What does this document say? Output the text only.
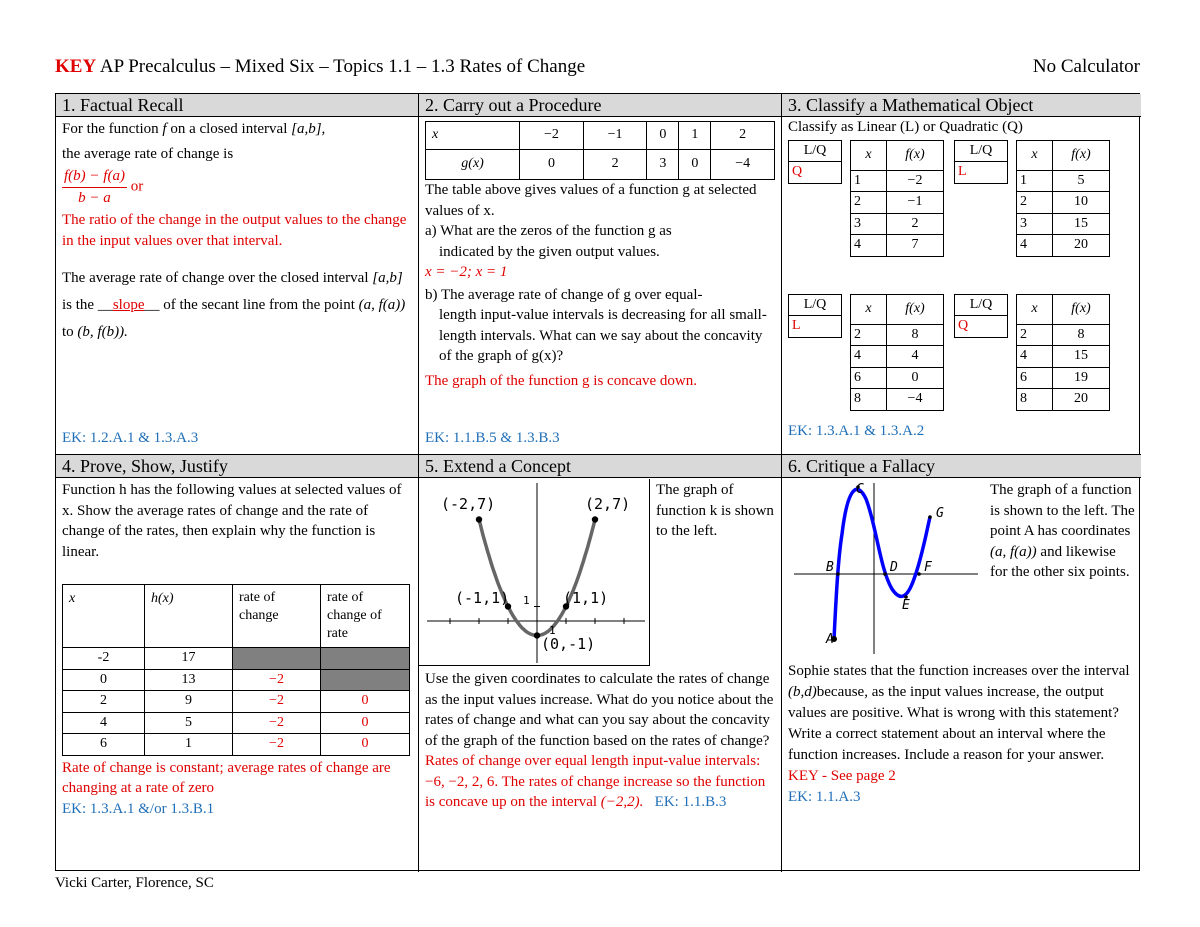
KEY AP Precalculus – Mixed Six – Topics 1.1 – 1.3 Rates of Change	No Calculator
1. Factual Recall
For the function f on a closed interval [a,b],
the average rate of change is
$\frac{f(b) - f(a)}{b - a}$ or
The ratio of the change in the output values to the change in the input values over that interval.
The average rate of change over the closed interval [a,b] is the __slope__ of the secant line from the point (a, f(a)) to (b, f(b)).
EK: 1.2.A.1 & 1.3.A.3
2. Carry out a Procedure
x	−2	−1	0	1	2
g(x)	0	2	3	0	−4
The table above gives values of a function g at selected values of x.
a) What are the zeros of the function g as
indicated by the given output values.
x = −2; x = 1
b) The average rate of change of g over equal-
length input-value intervals is decreasing for all small-length intervals. What can we say about the concavity of the graph of g(x)?
The graph of the function g is concave down.
EK: 1.1.B.5 & 1.3.B.3
3. Classify a Mathematical Object
Classify as Linear (L) or Quadratic (Q)
L/Q
Q
x	f(x)
1	−2
2	−1
3	2
4	7
L/Q
L
x	f(x)
1	5
2	10
3	15
4	20
L/Q
L
x	f(x)
2	8
4	4
6	0
8	−4
L/Q
Q
x	f(x)
2	8
4	15
6	19
8	20
EK: 1.3.A.1 & 1.3.A.2
4. Prove, Show, Justify
Function h has the following values at selected values of x. Show the average rates of change and the rate of change of the rates, then explain why the function is linear.
x	h(x)	rate of change	rate of change of rate
-2	17		
0	13	−2	
2	9	−2	0
4	5	−2	0
6	1	−2	0
Rate of change is constant; average rates of change are changing at a rate of zero
EK: 1.3.A.1 &/or 1.3.B.1
5. Extend a Concept
(-2,7)	(2,7)
(-1,1)	(1,1)
(0,-1)
1
1
The graph of function k is shown to the left.
Use the given coordinates to calculate the rates of change as the input values increase. What do you notice about the rates of change and what can you say about the concavity of the graph of the function based on the rates of change?
Rates of change over equal length input-value intervals: −6, −2, 2, 6. The rates of change increase so the function is concave up on the interval (−2,2). EK: 1.1.B.3
6. Critique a Fallacy
A
B
C
D
E
F
G
The graph of a function is shown to the left. The point A has coordinates (a, f(a)) and likewise for the other six points.
Sophie states that the function increases over the interval (b,d)because, as the input values increase, the output values are positive. What is wrong with this statement? Write a correct statement about an interval where the function increases. Include a reason for your answer.
KEY - See page 2
EK: 1.1.A.3
Vicki Carter, Florence, SC
